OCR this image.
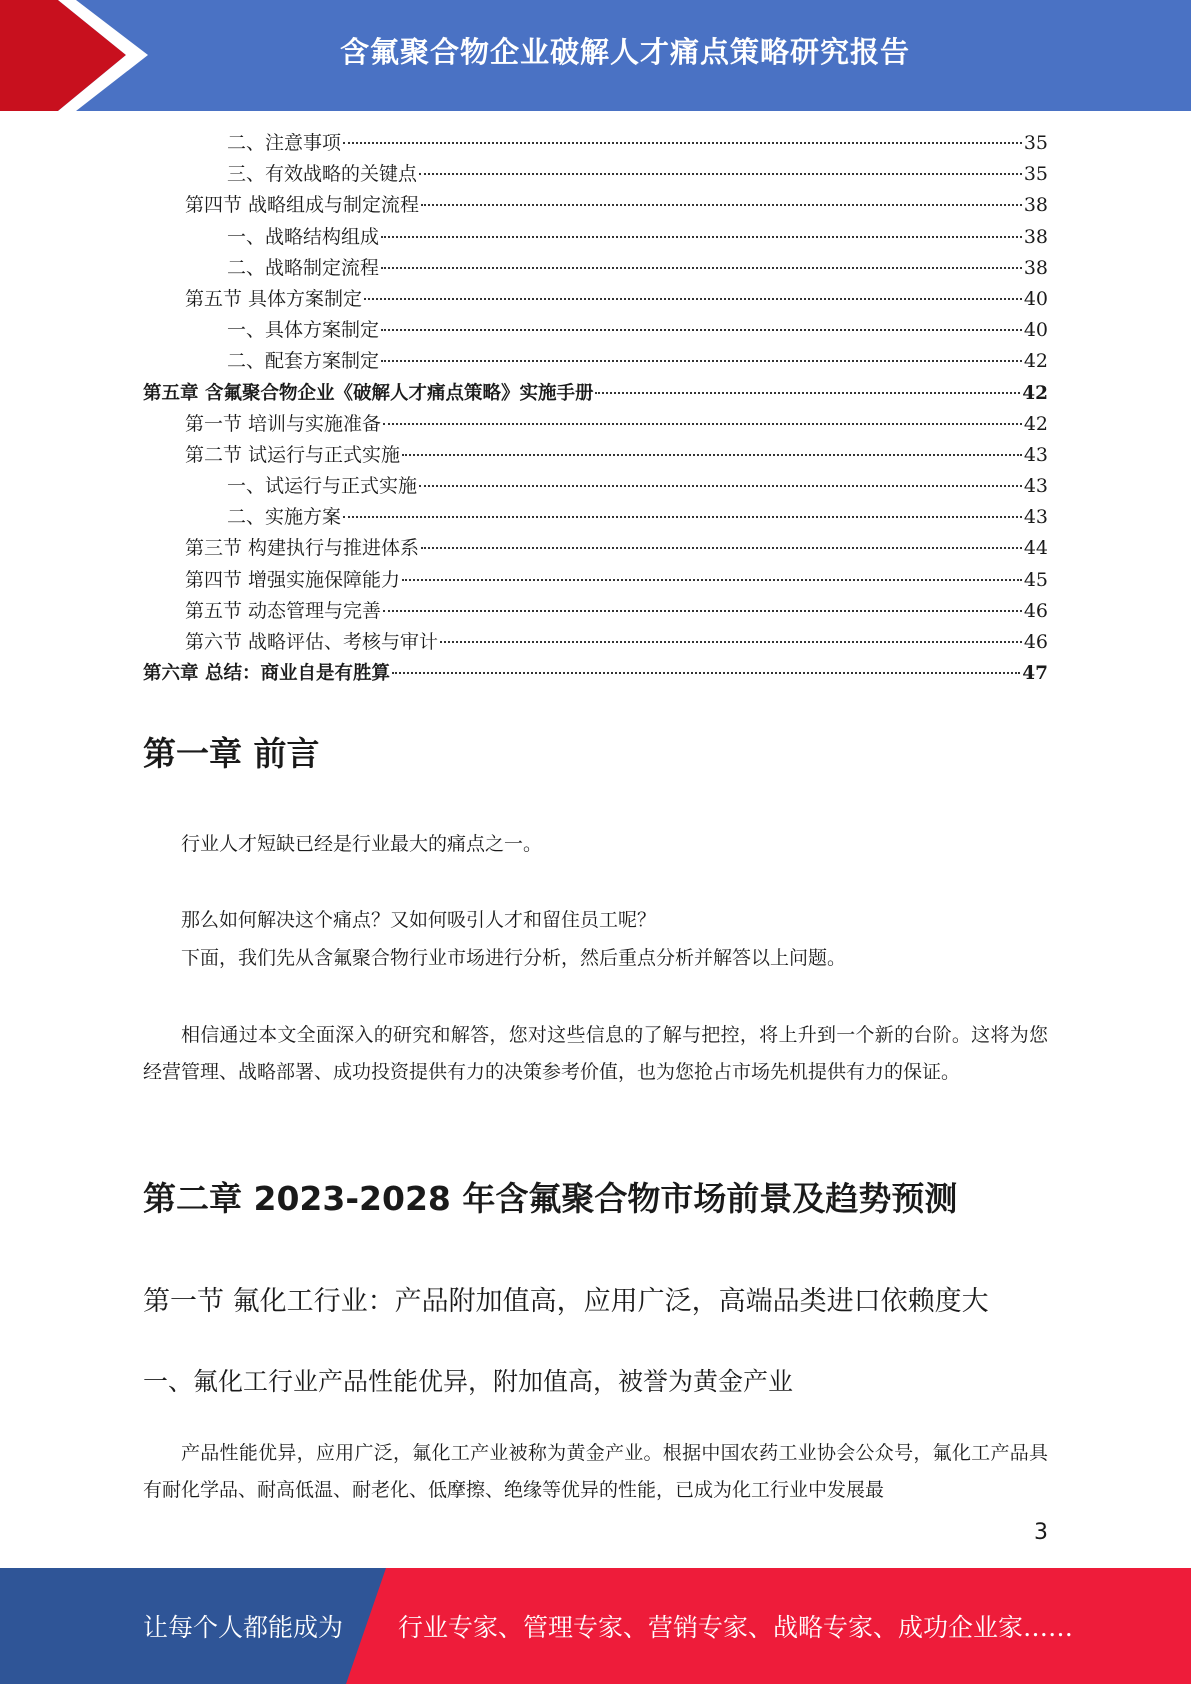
含氟聚合物企业破解人才痛点策略研究报告
二、注意事项	35
三、有效战略的关键点	35
第四节 战略组成与制定流程	38
一、战略结构组成	38
二、战略制定流程	38
第五节 具体方案制定	40
一、具体方案制定	40
二、配套方案制定	42
第五章 含氟聚合物企业《破解人才痛点策略》实施手册	42
第一节 培训与实施准备	42
第二节 试运行与正式实施	43
一、试运行与正式实施	43
二、实施方案	43
第三节 构建执行与推进体系	44
第四节 增强实施保障能力	45
第五节 动态管理与完善	46
第六节 战略评估、考核与审计	46
第六章 总结：商业自是有胜算	47
第一章 前言

行业人才短缺已经是行业最大的痛点之一。

那么如何解决这个痛点？又如何吸引人才和留住员工呢？

下面，我们先从含氟聚合物行业市场进行分析，然后重点分析并解答以上问题。

相信通过本文全面深入的研究和解答，您对这些信息的了解与把控，将上升到一个新的台阶。这将为您经营管理、战略部署、成功投资提供有力的决策参考价值，也为您抢占市场先机提供有力的保证。

第二章 2023-2028 年含氟聚合物市场前景及趋势预测
第一节 氟化工行业：产品附加值高，应用广泛，高端品类进口依赖度大
一、氟化工行业产品性能优异，附加值高，被誉为黄金产业

产品性能优异，应用广泛，氟化工产业被称为黄金产业。根据中国农药工业协会公众号，氟化工产品具有耐化学品、耐高低温、耐老化、低摩擦、绝缘等优异的性能，已成为化工行业中发展最

3
让每个人都能成为 行业专家、管理专家、营销专家、战略专家、成功企业家……
